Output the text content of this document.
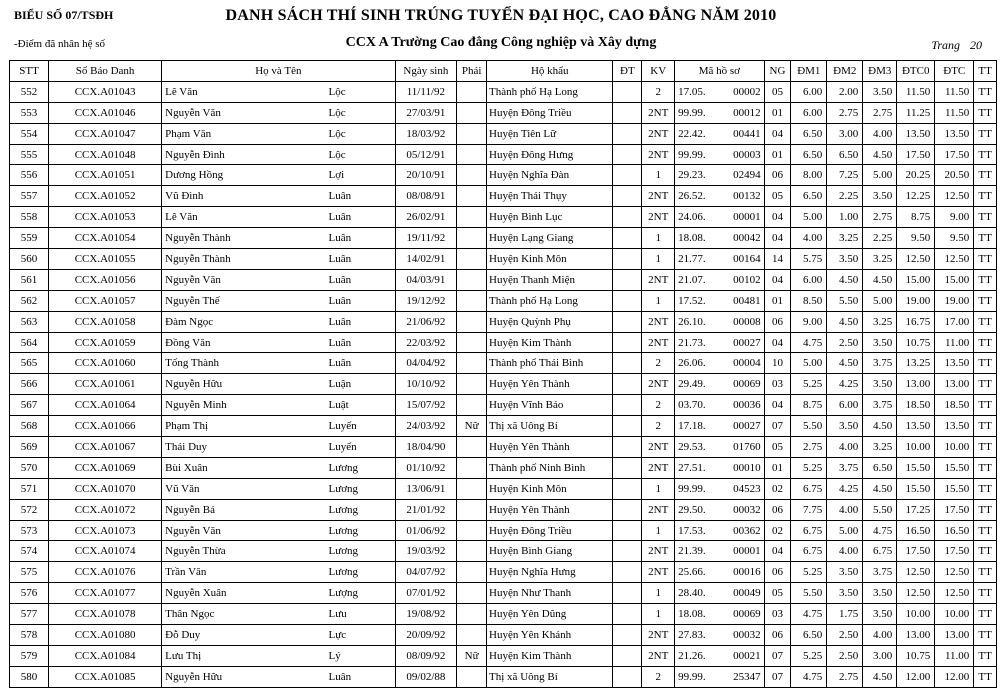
BIỂU SỐ 07/TSĐH	DANH SÁCH THÍ SINH TRÚNG TUYỂN ĐẠI HỌC, CAO ĐẲNG NĂM 2010
-Điểm đã nhân hệ số	CCX A Trường Cao đẳng Công nghiệp và Xây dựng	Trang 20
STT	Số Báo Danh	Họ và Tên	Ngày sinh	Phái	Hộ khẩu	ĐT	KV	Mã hồ sơ	NG	ĐM1	ĐM2	ĐM3	ĐTC0	ĐTC	TT
552	CCX.A01043	Lê Văn Lộc	11/11/92		Thành phố Hạ Long		2	17.05. 00002	05	6.00	2.00	3.50	11.50	11.50	TT
553	CCX.A01046	Nguyễn Văn Lộc	27/03/91		Huyện Đông Triều		2NT	99.99. 00012	01	6.00	2.75	2.75	11.25	11.50	TT
554	CCX.A01047	Phạm Văn Lộc	18/03/92		Huyện Tiên Lữ		2NT	22.42. 00441	04	6.50	3.00	4.00	13.50	13.50	TT
555	CCX.A01048	Nguyễn Đình Lộc	05/12/91		Huyện Đông Hưng		2NT	99.99. 00003	01	6.50	6.50	4.50	17.50	17.50	TT
556	CCX.A01051	Dương Hồng Lợi	20/10/91		Huyện Nghĩa Đàn		1	29.23. 02494	06	8.00	7.25	5.00	20.25	20.50	TT
557	CCX.A01052	Vũ Đình Luân	08/08/91		Huyện Thái Thụy		2NT	26.52. 00132	05	6.50	2.25	3.50	12.25	12.50	TT
558	CCX.A01053	Lê Văn Luân	26/02/91		Huyện Bình Lục		2NT	24.06. 00001	04	5.00	1.00	2.75	8.75	9.00	TT
559	CCX.A01054	Nguyễn Thành Luân	19/11/92		Huyện Lạng Giang		1	18.08. 00042	04	4.00	3.25	2.25	9.50	9.50	TT
560	CCX.A01055	Nguyễn Thành Luân	14/02/91		Huyện Kinh Môn		1	21.77. 00164	14	5.75	3.50	3.25	12.50	12.50	TT
561	CCX.A01056	Nguyễn Văn Luân	04/03/91		Huyện Thanh Miện		2NT	21.07. 00102	04	6.00	4.50	4.50	15.00	15.00	TT
562	CCX.A01057	Nguyễn Thế Luân	19/12/92		Thành phố Hạ Long		1	17.52. 00481	01	8.50	5.50	5.00	19.00	19.00	TT
563	CCX.A01058	Đàm Ngọc Luân	21/06/92		Huyện Quỳnh Phụ		2NT	26.10. 00008	06	9.00	4.50	3.25	16.75	17.00	TT
564	CCX.A01059	Đồng Văn Luân	22/03/92		Huyện Kim Thành		2NT	21.73. 00027	04	4.75	2.50	3.50	10.75	11.00	TT
565	CCX.A01060	Tống Thành Luân	04/04/92		Thành phố Thái Bình		2	26.06. 00004	10	5.00	4.50	3.75	13.25	13.50	TT
566	CCX.A01061	Nguyễn Hữu Luận	10/10/92		Huyện Yên Thành		2NT	29.49. 00069	03	5.25	4.25	3.50	13.00	13.00	TT
567	CCX.A01064	Nguyễn Minh Luật	15/07/92		Huyện Vĩnh Bảo		2	03.70. 00036	04	8.75	6.00	3.75	18.50	18.50	TT
568	CCX.A01066	Phạm Thị Luyến	24/03/92	Nữ	Thị xã Uông Bí		2	17.18. 00027	07	5.50	3.50	4.50	13.50	13.50	TT
569	CCX.A01067	Thái Duy Luyến	18/04/90		Huyện Yên Thành		2NT	29.53. 01760	05	2.75	4.00	3.25	10.00	10.00	TT
570	CCX.A01069	Bùi Xuân Lương	01/10/92		Thành phố Ninh Bình		2NT	27.51. 00010	01	5.25	3.75	6.50	15.50	15.50	TT
571	CCX.A01070	Vũ Văn Lương	13/06/91		Huyện Kinh Môn		1	99.99. 04523	02	6.75	4.25	4.50	15.50	15.50	TT
572	CCX.A01072	Nguyễn Bá Lương	21/01/92		Huyện Yên Thành		2NT	29.50. 00032	06	7.75	4.00	5.50	17.25	17.50	TT
573	CCX.A01073	Nguyễn Văn Lương	01/06/92		Huyện Đông Triều		1	17.53. 00362	02	6.75	5.00	4.75	16.50	16.50	TT
574	CCX.A01074	Nguyễn Thừa Lương	19/03/92		Huyện Bình Giang		2NT	21.39. 00001	04	6.75	4.00	6.75	17.50	17.50	TT
575	CCX.A01076	Trần Văn Lương	04/07/92		Huyện Nghĩa Hưng		2NT	25.66. 00016	06	5.25	3.50	3.75	12.50	12.50	TT
576	CCX.A01077	Nguyễn Xuân Lượng	07/01/92		Huyện Như Thanh		1	28.40. 00049	05	5.50	3.50	3.50	12.50	12.50	TT
577	CCX.A01078	Thân Ngọc Lưu	19/08/92		Huyện Yên Dũng		1	18.08. 00069	03	4.75	1.75	3.50	10.00	10.00	TT
578	CCX.A01080	Đỗ Duy Lực	20/09/92		Huyện Yên Khánh		2NT	27.83. 00032	06	6.50	2.50	4.00	13.00	13.00	TT
579	CCX.A01084	Lưu Thị Lý	08/09/92	Nữ	Huyện Kim Thành		2NT	21.26. 00021	07	5.25	2.50	3.00	10.75	11.00	TT
580	CCX.A01085	Nguyễn Hữu Luân	09/02/88		Thị xã Uông Bí		2	99.99. 25347	07	4.75	2.75	4.50	12.00	12.00	TT
